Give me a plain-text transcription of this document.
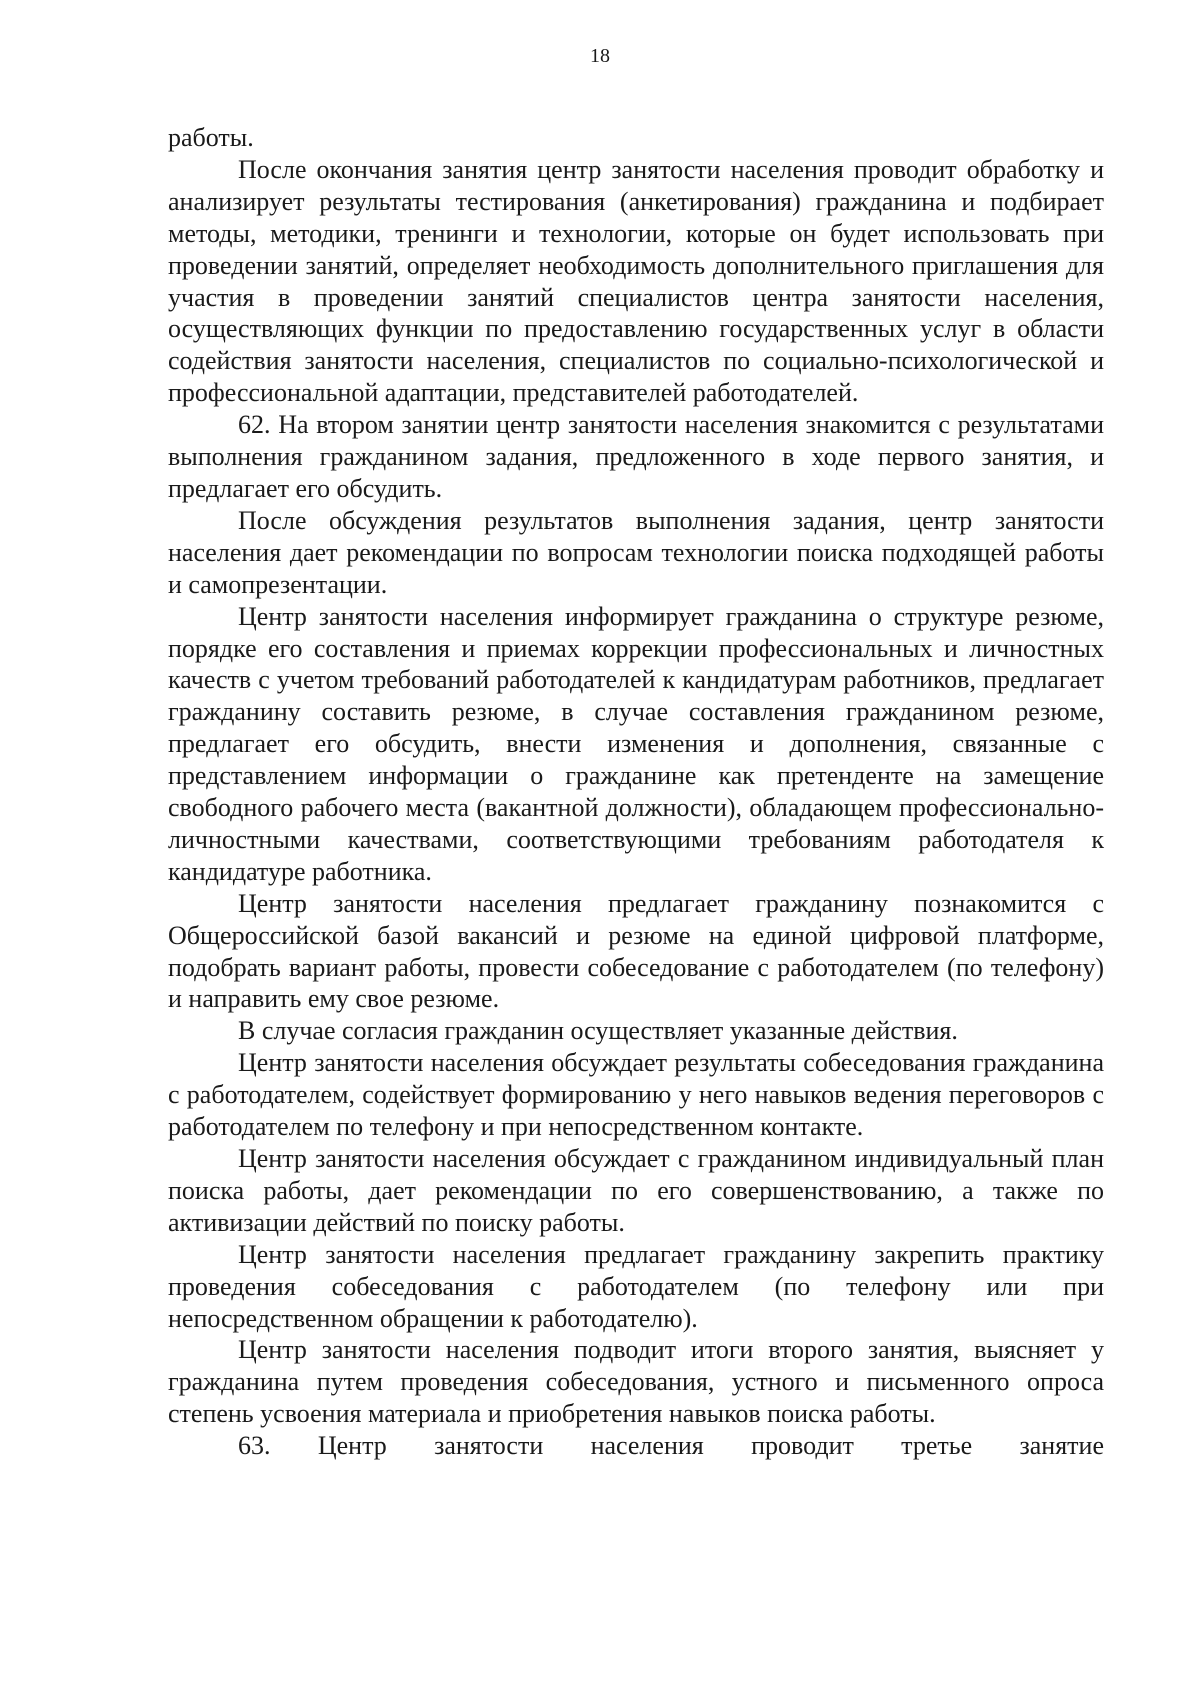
18

работы.

После окончания занятия центр занятости населения проводит обработку и анализирует результаты тестирования (анкетирования) гражданина и подбирает методы, методики, тренинги и технологии, которые он будет использовать при проведении занятий, определяет необходимость дополнительного приглашения для участия в проведении занятий специалистов центра занятости населения, осуществляющих функции по предоставлению государственных услуг в области содействия занятости населения, специалистов по социально-психологической и профессиональной адаптации, представителей работодателей.

62. На втором занятии центр занятости населения знакомится с результатами выполнения гражданином задания, предложенного в ходе первого занятия, и предлагает его обсудить.

После обсуждения результатов выполнения задания, центр занятости населения дает рекомендации по вопросам технологии поиска подходящей работы и самопрезентации.

Центр занятости населения информирует гражданина о структуре резюме, порядке его составления и приемах коррекции профессиональных и личностных качеств с учетом требований работодателей к кандидатурам работников, предлагает гражданину составить резюме, в случае составления гражданином резюме, предлагает его обсудить, внести изменения и дополнения, связанные с представлением информации о гражданине как претенденте на замещение свободного рабочего места (вакантной должности), обладающем профессионально-личностными качествами, соответствующими требованиям работодателя к кандидатуре работника.

Центр занятости населения предлагает гражданину познакомится с Общероссийской базой вакансий и резюме на единой цифровой платформе, подобрать вариант работы, провести собеседование с работодателем (по телефону) и направить ему свое резюме.

В случае согласия гражданин осуществляет указанные действия.

Центр занятости населения обсуждает результаты собеседования гражданина с работодателем, содействует формированию у него навыков ведения переговоров с работодателем по телефону и при непосредственном контакте.

Центр занятости населения обсуждает с гражданином индивидуальный план поиска работы, дает рекомендации по его совершенствованию, а также по активизации действий по поиску работы.

Центр занятости населения предлагает гражданину закрепить практику проведения собеседования с работодателем (по телефону или при непосредственном обращении к работодателю).

Центр занятости населения подводит итоги второго занятия, выясняет у гражданина путем проведения собеседования, устного и письменного опроса степень усвоения материала и приобретения навыков поиска работы.

63. Центр занятости населения проводит третье занятие
